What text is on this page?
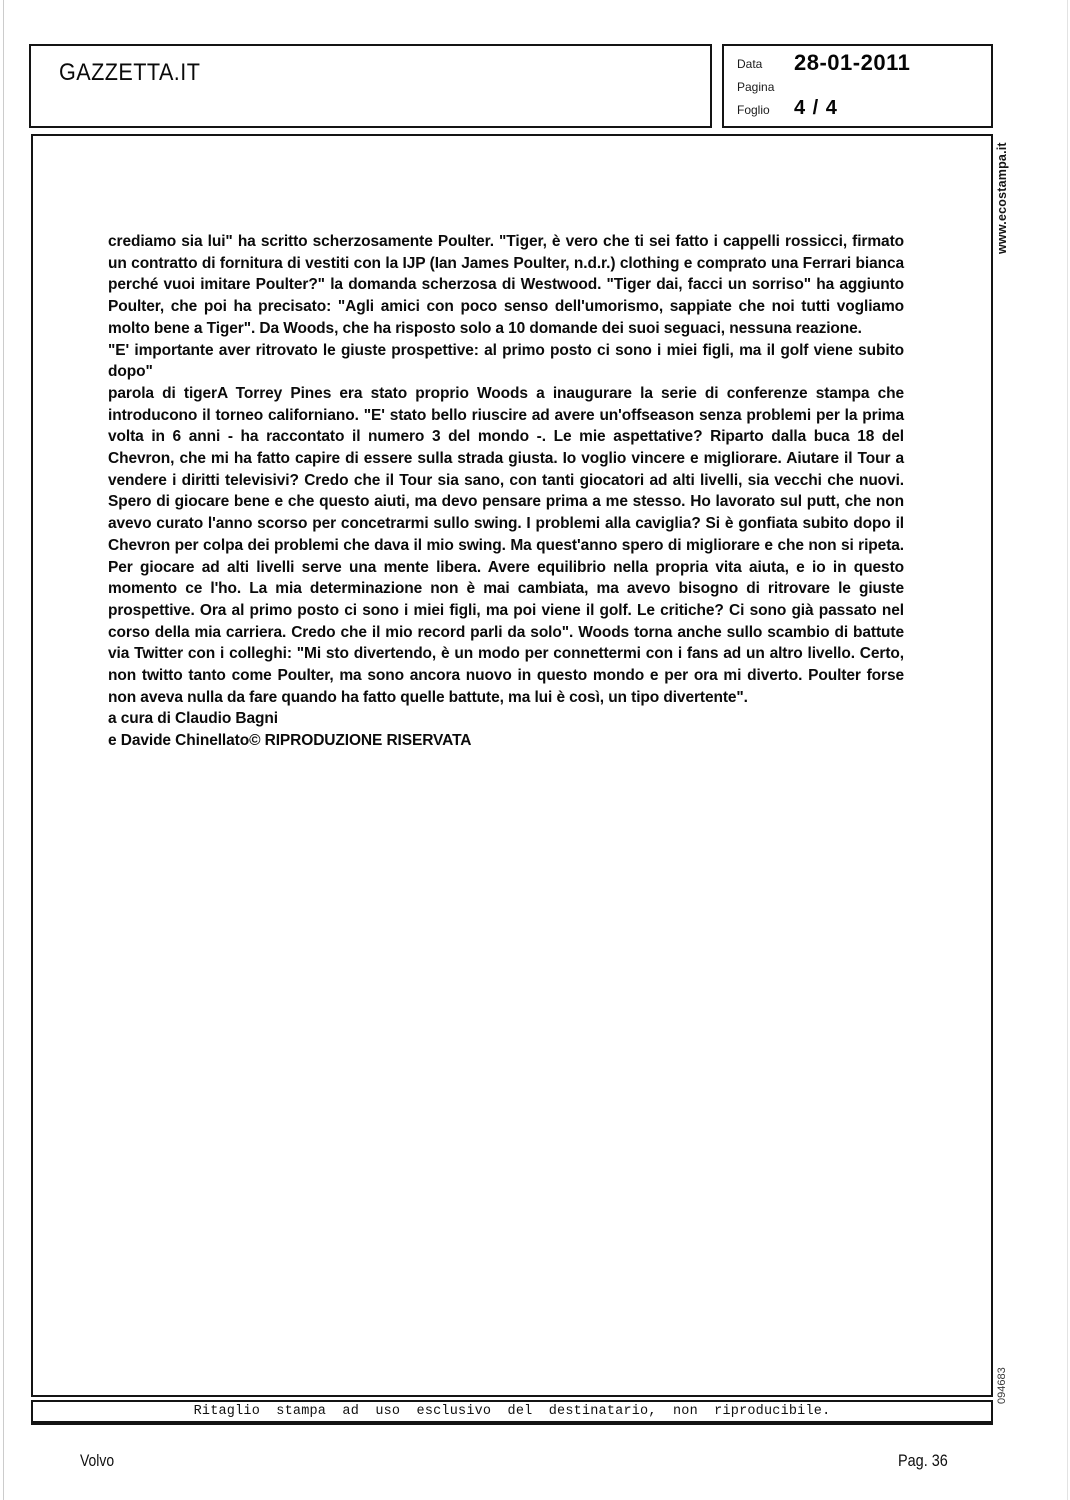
GAZZETTA.IT	Data 28-01-2011
Pagina
Foglio 4 / 4
www.ecostampa.it

crediamo sia lui" ha scritto scherzosamente Poulter. "Tiger, è vero che ti sei fatto i cappelli rossicci, firmato un contratto di fornitura di vestiti con la IJP (Ian James Poulter, n.d.r.) clothing e comprato una Ferrari bianca perché vuoi imitare Poulter?" la domanda scherzosa di Westwood. "Tiger dai, facci un sorriso" ha aggiunto Poulter, che poi ha precisato: "Agli amici con poco senso dell'umorismo, sappiate che noi tutti vogliamo molto bene a Tiger". Da Woods, che ha risposto solo a 10 domande dei suoi seguaci, nessuna reazione.

"E' importante aver ritrovato le giuste prospettive: al primo posto ci sono i miei figli, ma il golf viene subito dopo"

parola di tigerA Torrey Pines era stato proprio Woods a inaugurare la serie di conferenze stampa che introducono il torneo californiano. "E' stato bello riuscire ad avere un'offseason senza problemi per la prima volta in 6 anni - ha raccontato il numero 3 del mondo -. Le mie aspettative? Riparto dalla buca 18 del Chevron, che mi ha fatto capire di essere sulla strada giusta. Io voglio vincere e migliorare. Aiutare il Tour a vendere i diritti televisivi? Credo che il Tour sia sano, con tanti giocatori ad alti livelli, sia vecchi che nuovi. Spero di giocare bene e che questo aiuti, ma devo pensare prima a me stesso. Ho lavorato sul putt, che non avevo curato l'anno scorso per concetrarmi sullo swing. I problemi alla caviglia? Si è gonfiata subito dopo il Chevron per colpa dei problemi che dava il mio swing. Ma quest'anno spero di migliorare e che non si ripeta. Per giocare ad alti livelli serve una mente libera. Avere equilibrio nella propria vita aiuta, e io in questo momento ce l'ho. La mia determinazione non è mai cambiata, ma avevo bisogno di ritrovare le giuste prospettive. Ora al primo posto ci sono i miei figli, ma poi viene il golf. Le critiche? Ci sono già passato nel corso della mia carriera. Credo che il mio record parli da solo". Woods torna anche sullo scambio di battute via Twitter con i colleghi: "Mi sto divertendo, è un modo per connettermi con i fans ad un altro livello. Certo, non twitto tanto come Poulter, ma sono ancora nuovo in questo mondo e per ora mi diverto. Poulter forse non aveva nulla da fare quando ha fatto quelle battute, ma lui è così, un tipo divertente".

a cura di Claudio Bagni

e Davide Chinellato© RIPRODUZIONE RISERVATA

094683
Ritaglio stampa ad uso esclusivo del destinatario, non riproducibile.
Volvo	Pag. 36
